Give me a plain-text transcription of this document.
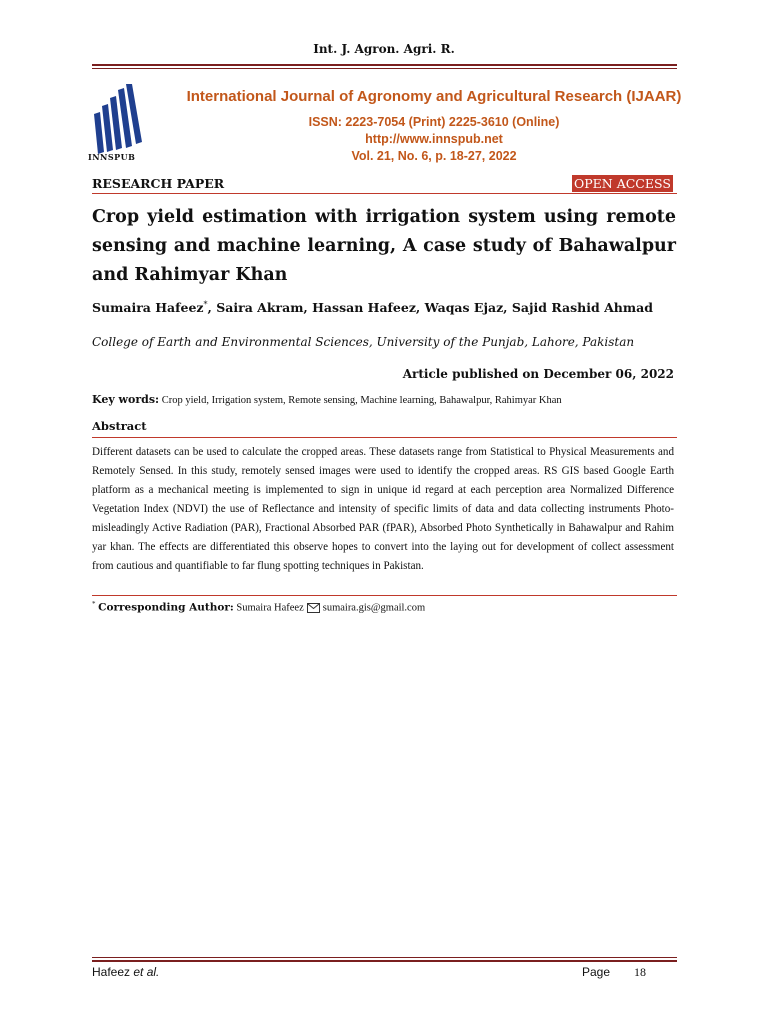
Int. J. Agron. Agri. R.
INNSPUB
International Journal of Agronomy and Agricultural Research (IJAAR)
ISSN: 2223-7054 (Print) 2225-3610 (Online)
http://www.innspub.net
Vol. 21, No. 6, p. 18-27, 2022
RESEARCH PAPER	OPEN ACCESS
Crop yield estimation with irrigation system using remote sensing and machine learning, A case study of Bahawalpur and Rahimyar Khan
Sumaira Hafeez*, Saira Akram, Hassan Hafeez, Waqas Ejaz, Sajid Rashid Ahmad
College of Earth and Environmental Sciences, University of the Punjab, Lahore, Pakistan
Article published on December 06, 2022
Key words: Crop yield, Irrigation system, Remote sensing, Machine learning, Bahawalpur, Rahimyar Khan
Abstract
Different datasets can be used to calculate the cropped areas. These datasets range from Statistical to Physical Measurements and Remotely Sensed. In this study, remotely sensed images were used to identify the cropped areas. RS GIS based Google Earth platform as a mechanical meeting is implemented to sign in unique id regard at each perception area Normalized Difference Vegetation Index (NDVI) the use of Reflectance and intensity of specific limits of data and data collecting instruments Photo-misleadingly Active Radiation (PAR), Fractional Absorbed PAR (fPAR), Absorbed Photo Synthetically in Bahawalpur and Rahim yar khan. The effects are differentiated this observe hopes to convert into the laying out for development of collect assessment from cautious and quantifiable to far flung spotting techniques in Pakistan.
* Corresponding Author: Sumaira Hafeez sumaira.gis@gmail.com
Hafeez et al.	Page 18
